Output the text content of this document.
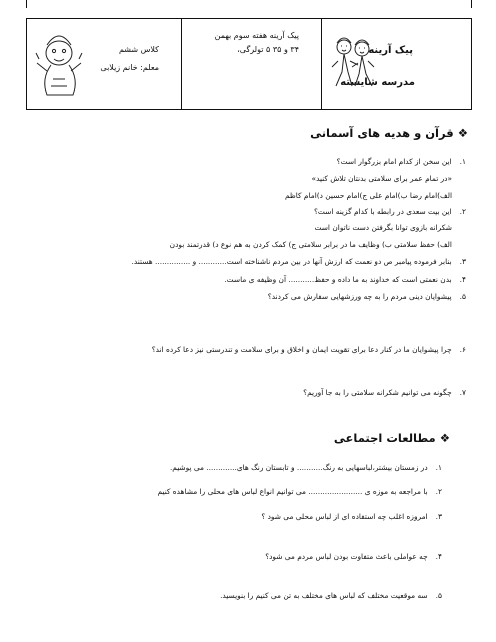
پیک آرینه
مدرسه شایسته
پیک آرینه هفته سوم بهمن
۳۴ و ۳۵ ۵ تولرگی،
کلاس ششم
معلم: خانم زیلابی
❖ قرآن و هدیه های آسمانی
۱. این سخن از کدام امام بزرگوار است؟
«در تمام عمر برای سلامتی بدنتان تلاش کنید»
الف)امام رضا ب)امام علی ج)امام حسین د)امام کاظم
۲. این بیت سعدی در رابطه با کدام گزینه است؟
شکرانه بازوی توانا بگرفتن دست ناتوان است
الف) حفظ سلامتی ب) وظایف ما در برابر سلامتی ج) کمک کردن به هم نوع د) قدرتمند بودن
۳. بنابر فرموده پیامبر ص دو نعمت که ارزش آنها در بین مردم ناشناخته است............ و ............... هستند.
۴. بدن نعمتی است که خداوند به ما داده و حفظ........... آن وظیفه ی ماست.
۵. پیشوایان دینی مردم را به چه ورزشهایی سفارش می کردند؟
۶. چرا پیشوایان ما در کنار دعا برای تقویت ایمان و اخلاق و برای سلامت و تندرستی نیز دعا کرده اند؟
۷. چگونه می توانیم شکرانه سلامتی را به جا آوریم؟
❖ مطالعات اجتماعی
۱. در زمستان بیشتر،لباسهایی به رنگ........... و تابستان رنگ های............. می پوشیم.
۲. با مراجعه به موزه ی ....................... می توانیم انواع لباس های محلی را مشاهده کنیم
۳. امروزه اغلب چه استفاده ای از لباس محلی می شود ؟
۴. چه عواملی باعث متفاوت بودن لباس مردم می شود؟
۵. سه موقعیت مختلف که لباس های مختلف به تن می کنیم را بنویسید.
